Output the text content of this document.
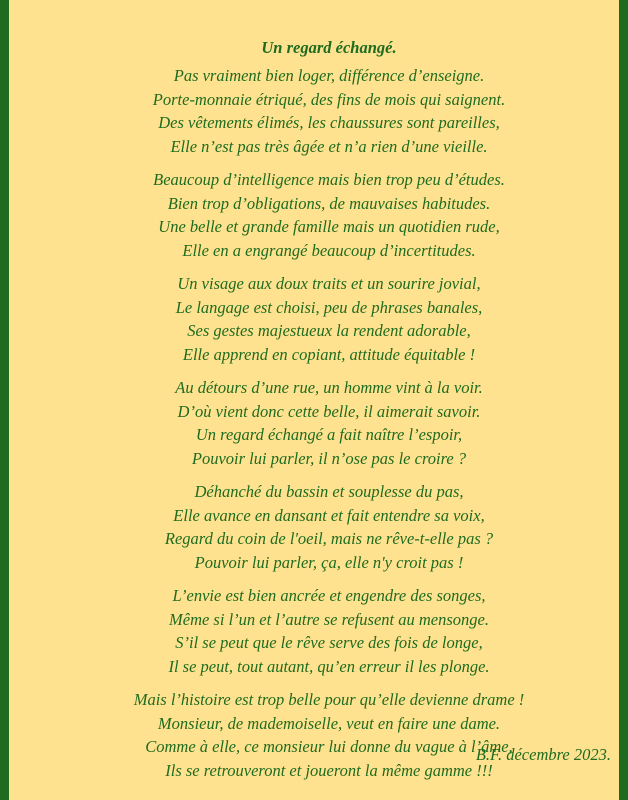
Un regard échangé.
Pas vraiment bien loger, différence d’enseigne.
Porte-monnaie étriqué, des fins de mois qui saignent.
Des vêtements élimés, les chaussures sont pareilles,
Elle n’est pas très âgée et n’a rien d’une vieille.
Beaucoup d’intelligence mais bien trop peu d’études.
Bien trop d’obligations, de mauvaises habitudes.
Une belle et grande famille mais un quotidien rude,
Elle en a engrangé beaucoup d’incertitudes.
Un visage aux doux traits et un sourire jovial,
Le langage est choisi, peu de phrases banales,
Ses gestes majestueux la rendent adorable,
Elle apprend en copiant, attitude équitable !
Au détours d’une rue, un homme vint à la voir.
D’où vient donc cette belle, il aimerait savoir.
Un regard échangé a fait naître l’espoir,
Pouvoir lui parler, il n’ose pas le croire ?
Déhanché du bassin et souplesse du pas,
Elle avance en dansant et fait entendre sa voix,
Regard du coin de l'oeil, mais ne rêve-t-elle pas ?
Pouvoir lui parler, ça, elle n'y croit pas !
L’envie est bien ancrée et engendre des songes,
Même si l’un et l’autre se refusent au mensonge.
S’il se peut que le rêve serve des fois de longe,
Il se peut, tout autant, qu’en erreur il les plonge.
Mais l’histoire est trop belle pour qu’elle devienne drame !
Monsieur, de mademoiselle, veut en faire une dame.
Comme à elle, ce monsieur lui donne du vague à l’âme,
Ils se retrouveront et joueront la même gamme !!!
B.F. décembre 2023.
